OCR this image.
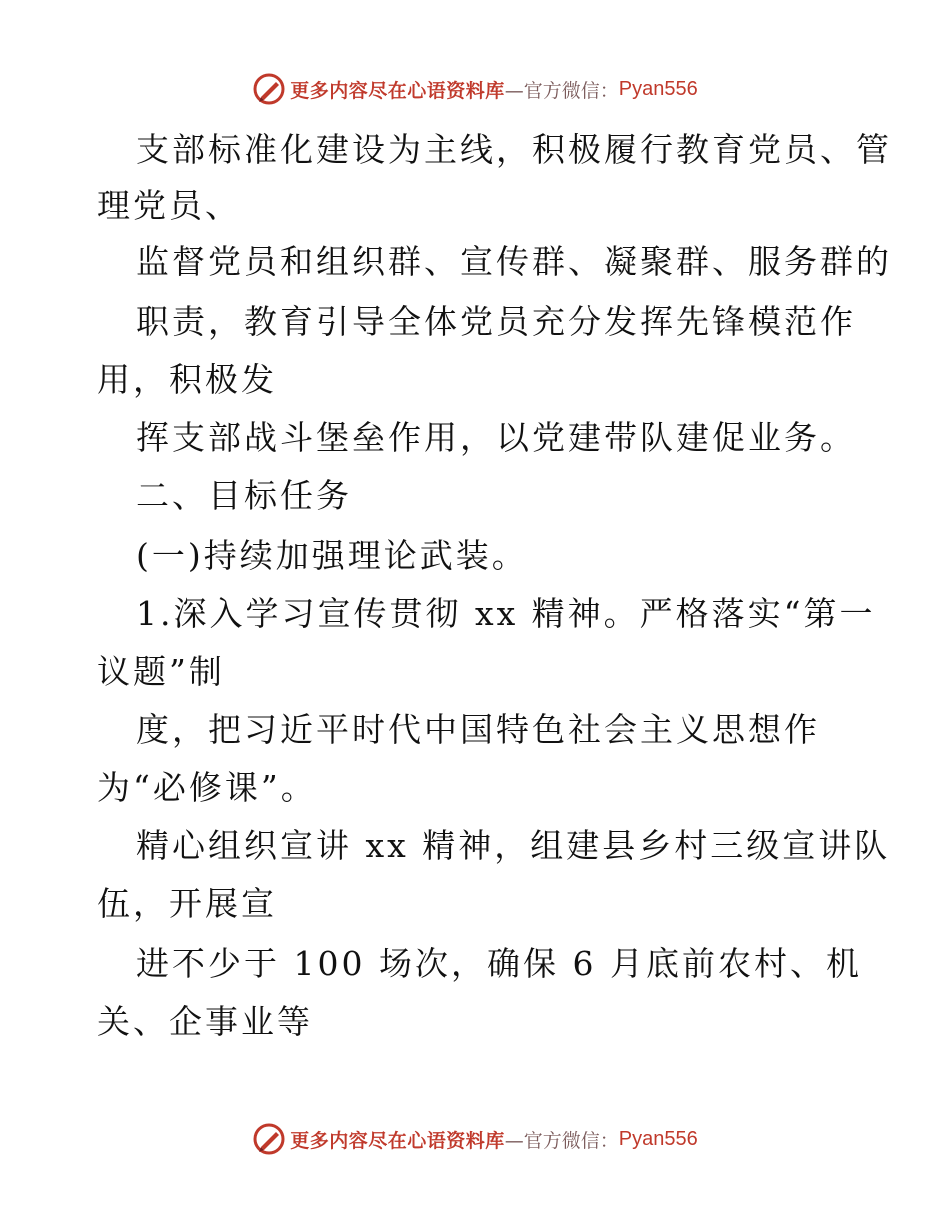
更多内容尽在心语资料库 —官方微信： Pyan556
支部标准化建设为主线，积极履行教育党员、管
理党员、
监督党员和组织群、宣传群、凝聚群、服务群的
职责，教育引导全体党员充分发挥先锋模范作
用，积极发
挥支部战斗堡垒作用，以党建带队建促业务。
二、目标任务
(一)持续加强理论武装。
1.深入学习宣传贯彻 xx 精神。严格落实“第一
议题”制
度，把习近平时代中国特色社会主义思想作
为“必修课”。
精心组织宣讲 xx 精神，组建县乡村三级宣讲队
伍，开展宣
进不少于 100 场次，确保 6 月底前农村、机
关、企事业等
更多内容尽在心语资料库 —官方微信： Pyan556
